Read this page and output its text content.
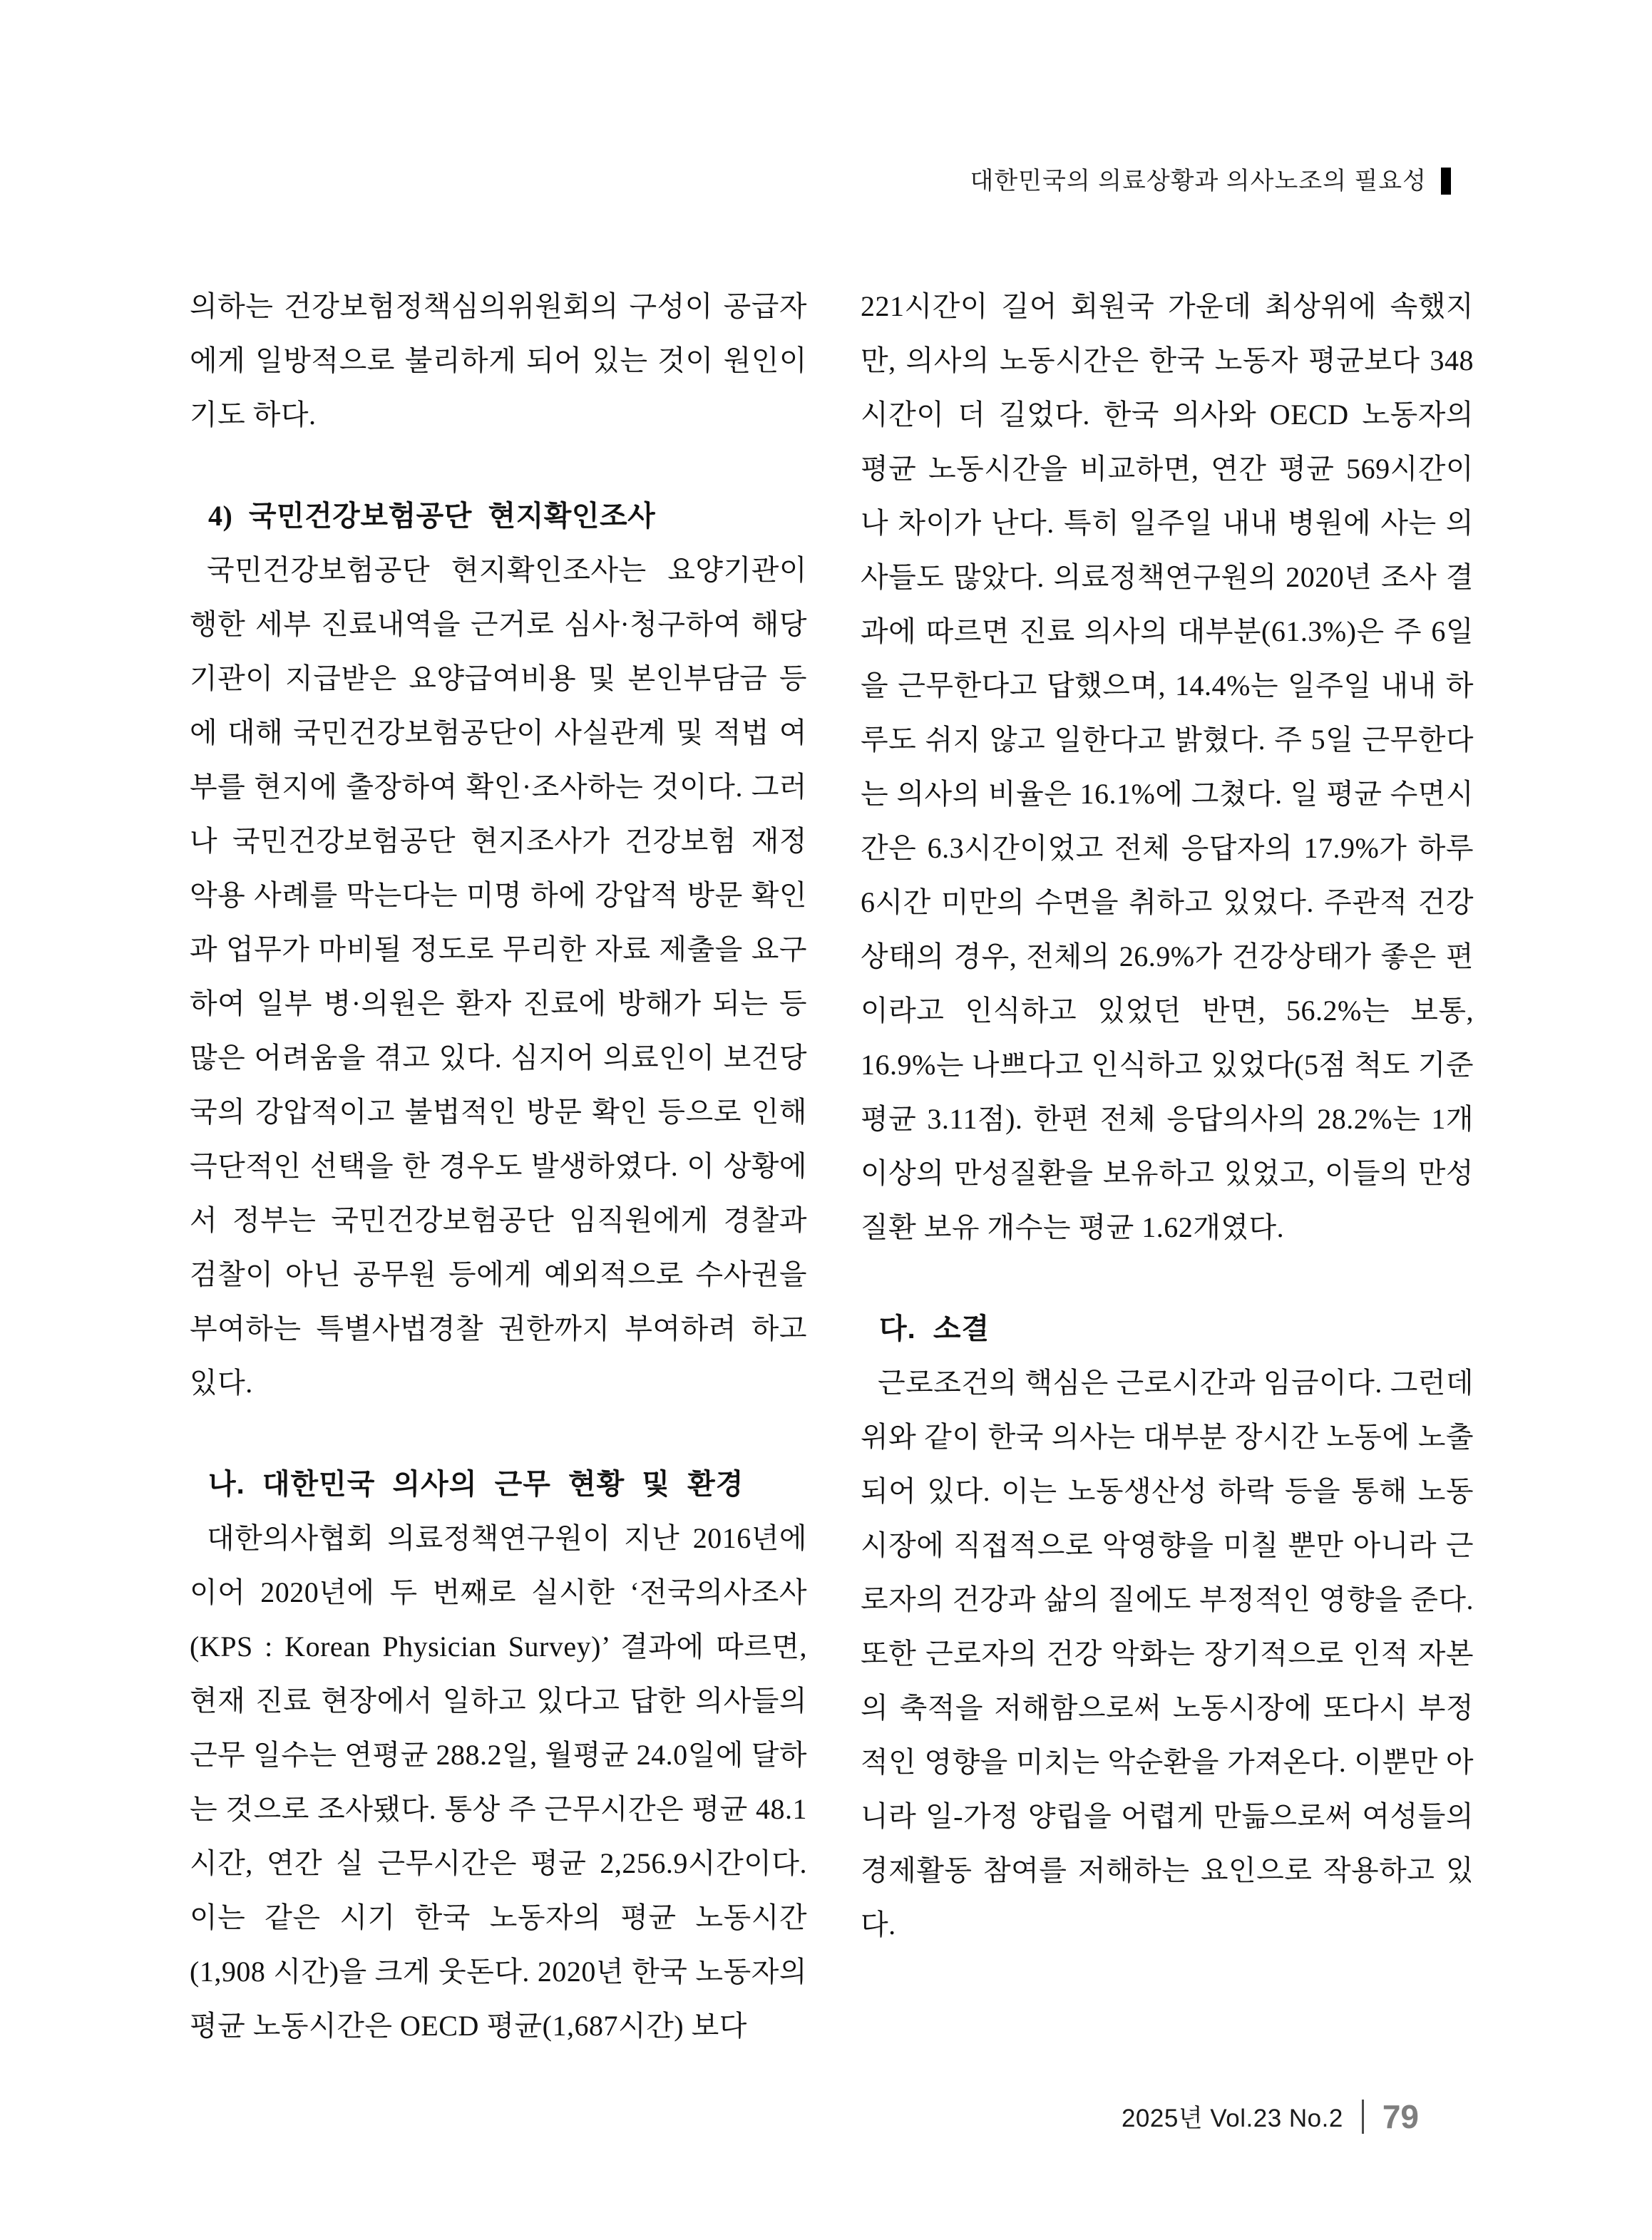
대한민국의 의료상황과 의사노조의 필요성

의하는 건강보험정책심의위원회의 구성이 공급자에게 일방적으로 불리하게 되어 있는 것이 원인이기도 하다.

4) 국민건강보험공단 현지확인조사

국민건강보험공단 현지확인조사는 요양기관이 행한 세부 진료내역을 근거로 심사·청구하여 해당 기관이 지급받은 요양급여비용 및 본인부담금 등에 대해 국민건강보험공단이 사실관계 및 적법 여부를 현지에 출장하여 확인·조사하는 것이다. 그러나 국민건강보험공단 현지조사가 건강보험 재정 악용 사례를 막는다는 미명 하에 강압적 방문 확인과 업무가 마비될 정도로 무리한 자료 제출을 요구하여 일부 병·의원은 환자 진료에 방해가 되는 등 많은 어려움을 겪고 있다. 심지어 의료인이 보건당국의 강압적이고 불법적인 방문 확인 등으로 인해 극단적인 선택을 한 경우도 발생하였다. 이 상황에서 정부는 국민건강보험공단 임직원에게 경찰과 검찰이 아닌 공무원 등에게 예외적으로 수사권을 부여하는 특별사법경찰 권한까지 부여하려 하고 있다.

나. 대한민국 의사의 근무 현황 및 환경

대한의사협회 의료정책연구원이 지난 2016년에 이어 2020년에 두 번째로 실시한 ‘전국의사조사(KPS : Korean Physician Survey)’ 결과에 따르면, 현재 진료 현장에서 일하고 있다고 답한 의사들의 근무 일수는 연평균 288.2일, 월평균 24.0일에 달하는 것으로 조사됐다. 통상 주 근무시간은 평균 48.1시간, 연간 실 근무시간은 평균 2,256.9시간이다. 이는 같은 시기 한국 노동자의 평균 노동시간(1,908 시간)을 크게 웃돈다. 2020년 한국 노동자의 평균 노동시간은 OECD 평균(1,687시간) 보다

221시간이 길어 회원국 가운데 최상위에 속했지만, 의사의 노동시간은 한국 노동자 평균보다 348시간이 더 길었다. 한국 의사와 OECD 노동자의 평균 노동시간을 비교하면, 연간 평균 569시간이나 차이가 난다. 특히 일주일 내내 병원에 사는 의사들도 많았다. 의료정책연구원의 2020년 조사 결과에 따르면 진료 의사의 대부분(61.3%)은 주 6일을 근무한다고 답했으며, 14.4%는 일주일 내내 하루도 쉬지 않고 일한다고 밝혔다. 주 5일 근무한다는 의사의 비율은 16.1%에 그쳤다. 일 평균 수면시간은 6.3시간이었고 전체 응답자의 17.9%가 하루 6시간 미만의 수면을 취하고 있었다. 주관적 건강상태의 경우, 전체의 26.9%가 건강상태가 좋은 편이라고 인식하고 있었던 반면, 56.2%는 보통, 16.9%는 나쁘다고 인식하고 있었다(5점 척도 기준 평균 3.11점). 한편 전체 응답의사의 28.2%는 1개 이상의 만성질환을 보유하고 있었고, 이들의 만성질환 보유 개수는 평균 1.62개였다.

다. 소결

근로조건의 핵심은 근로시간과 임금이다. 그런데 위와 같이 한국 의사는 대부분 장시간 노동에 노출되어 있다. 이는 노동생산성 하락 등을 통해 노동시장에 직접적으로 악영향을 미칠 뿐만 아니라 근로자의 건강과 삶의 질에도 부정적인 영향을 준다. 또한 근로자의 건강 악화는 장기적으로 인적 자본의 축적을 저해함으로써 노동시장에 또다시 부정적인 영향을 미치는 악순환을 가져온다. 이뿐만 아니라 일-가정 양립을 어렵게 만듦으로써 여성들의 경제활동 참여를 저해하는 요인으로 작용하고 있다.

2025년 Vol.23 No.2 79
